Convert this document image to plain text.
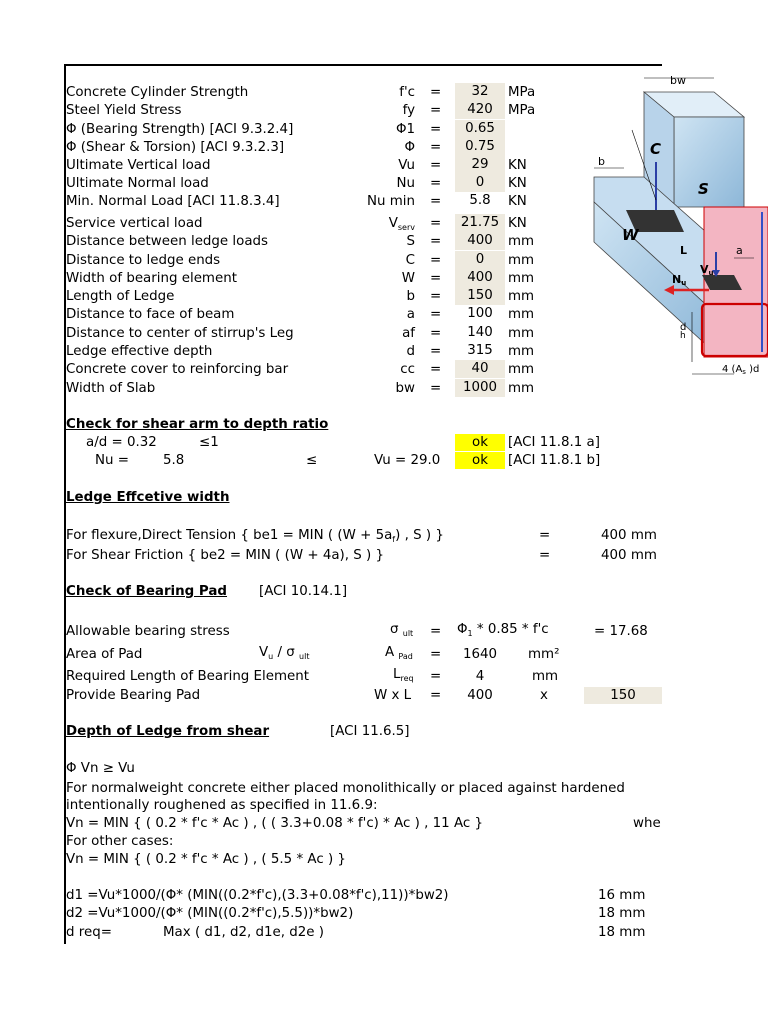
Concrete Cylinder Strength	f'c =	32	MPa
Steel Yield Stress	fy =	420	MPa
Φ (Bearing Strength) [ACI 9.3.2.4]	Φ1 =	0.65
Φ (Shear & Torsion) [ACI 9.3.2.3]	Φ =	0.75
Ultimate Vertical load	Vu =	29	KN
Ultimate Normal load	Nu =	0	KN
Min. Normal Load [ACI 11.8.3.4]	Nu min =	5.8	KN
Service vertical load	$V_{serv}$ =	21.75 KN
Distance between ledge loads	S =	400	mm
Distance to ledge ends	C =	0	mm
Width of bearing element	W =	400	mm
Length of Ledge	b =	150	mm
Distance to face of beam	a =	100	mm
Distance to center of stirrup's Leg	af =	140	mm
Ledge effective depth	d =	315	mm
Concrete cover to reinforcing bar	cc =	40	mm
Width of Slab	bw =	1000 mm
Check for shear arm to depth ratio
a/d = 0.32	≤1	ok	[ACI 11.8.1 a]
Nu =	5.8	≤	Vu = 29.0	ok	[ACI 11.8.1 b]
Ledge Effcetive width
For flexure,Direct Tension { be1 = MIN ( $(W + 5a_f)$ , S ) }	=	400 mm
For Shear Friction { be2 = MIN ( (W + 4a), S ) }	=	400 mm
Check of Bearing Pad [ACI 10.14.1]
Allowable bearing stress	σ $_{ult} = \Phi_1 * 0.85 * f'c$	= 17.68
Area of Pad	$V_u$ / σ $_{ult}$	A $_{Pad}$ =	1640	mm²
Required Length of Bearing Element	$L_{req}$ =	4	mm
Provide Bearing Pad	W x L =	400	x	150
Depth of Ledge from shear	[ACI 11.6.5]
Φ Vn ≥ Vu
For normalweight concrete either placed monolithically or placed against hardened
intentionally roughened as specified in 11.6.9:
Vn = MIN { ( 0.2 * f'c * Ac ) , ( ( 3.3+0.08 * f'c) * Ac ) , 11 Ac }	whe
For other cases:
Vn = MIN { ( 0.2 * f'c * Ac ) , ( 5.5 * Ac ) }
d1 =Vu*1000/(Φ* (MIN((0.2*f'c),(3.3+0.08*f'c),11))*bw2)	16 mm
d2 =Vu*1000/(Φ* (MIN((0.2*f'c),5.5))*bw2)	18 mm
d req=	Max ( d1, d2, d1e, d2e )	18 mm
bw
b
C
S
W
L	a
Vu
Nu
d
h
4 ($A_s$ )d
